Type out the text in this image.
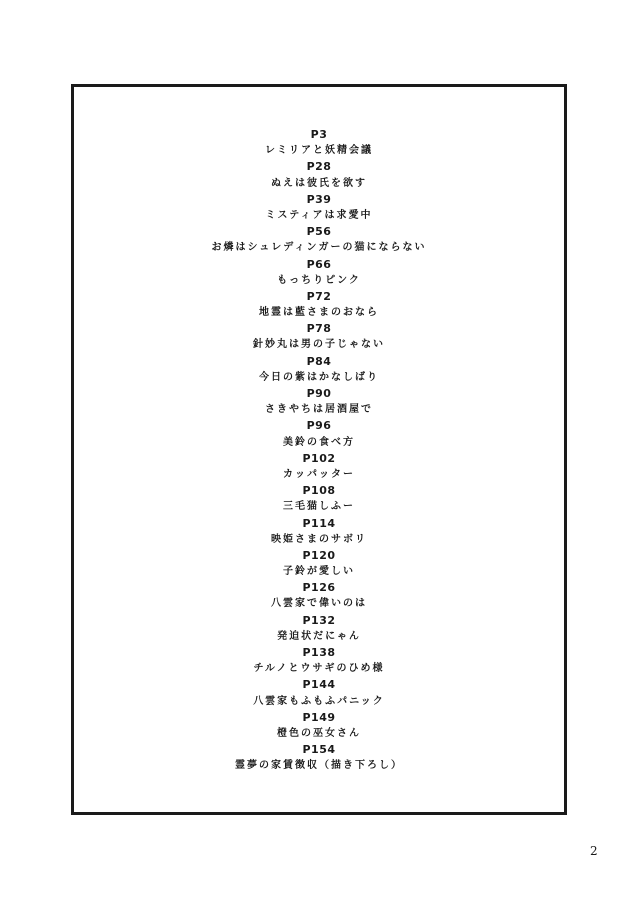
P3
レミリアと妖精会議
P28
ぬえは彼氏を欲す
P39
ミスティアは求愛中
P56
お燐はシュレディンガーの猫にならない
P66
もっちりピンク
P72
地霊は藍さまのおなら
P78
針妙丸は男の子じゃない
P84
今日の紫はかなしばり
P90
さきやちは居酒屋で
P96
美鈴の食べ方
P102
カッパッター
P108
三毛猫しふー
P114
映姫さまのサボリ
P120
子鈴が愛しい
P126
八雲家で偉いのは
P132
発迫状だにゃん
P138
チルノとウサギのひめ様
P144
八雲家もふもふパニック
P149
橙色の巫女さん
P154
霊夢の家賃徴収（描き下ろし）
2
